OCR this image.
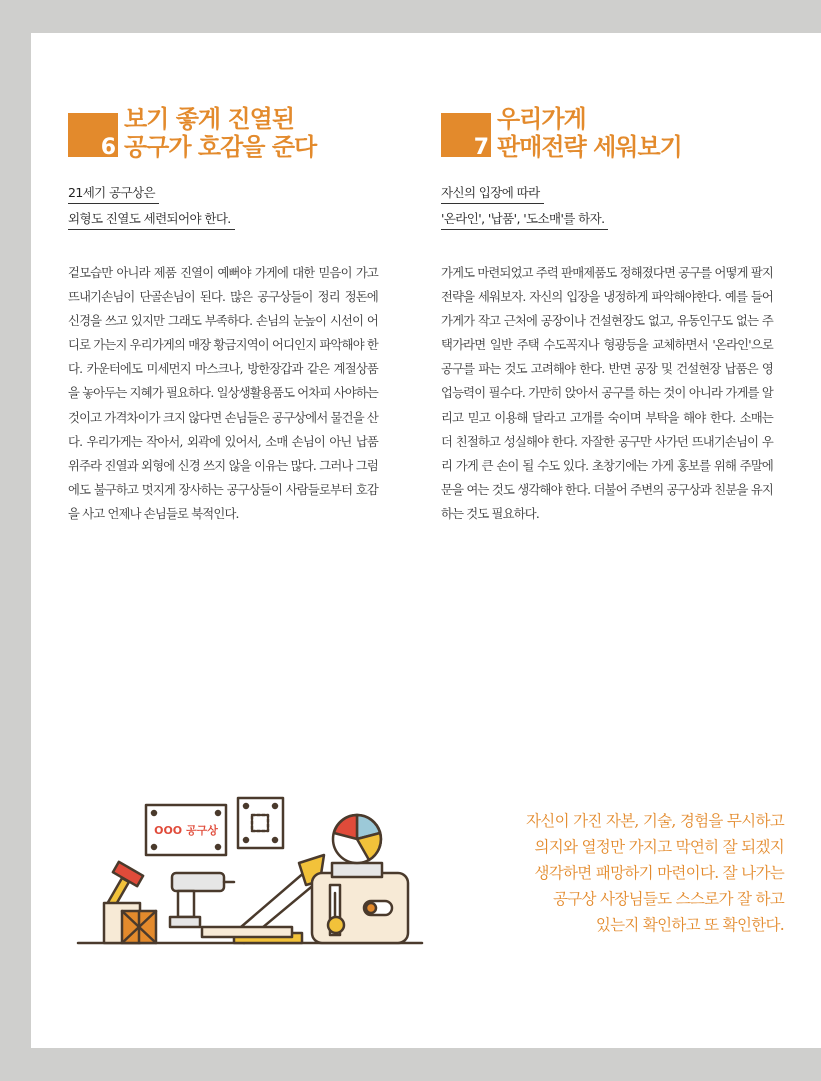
6
보기 좋게 진열된
공구가 호감을 준다
21세기 공구상은
외형도 진열도 세련되어야 한다.
겉모습만 아니라 제품 진열이 예뻐야 가게에 대한 믿음이 가고 뜨내기손님이 단골손님이 된다. 많은 공구상들이 정리 정돈에 신경을 쓰고 있지만 그래도 부족하다. 손님의 눈높이 시선이 어디로 가는지 우리가게의 매장 황금지역이 어디인지 파악해야 한다. 카운터에도 미세먼지 마스크나, 방한장갑과 같은 계절상품을 놓아두는 지혜가 필요하다. 일상생활용품도 어차피 사야하는 것이고 가격차이가 크지 않다면 손님들은 공구상에서 물건을 산다. 우리가게는 작아서, 외곽에 있어서, 소매 손님이 아닌 납품위주라 진열과 외형에 신경 쓰지 않을 이유는 많다. 그러나 그럼에도 불구하고 멋지게 장사하는 공구상들이 사람들로부터 호감을 사고 언제나 손님들로 북적인다.
7
우리가게
판매전략 세워보기
자신의 입장에 따라
'온라인', '납품', '도소매'를 하자.
가게도 마련되었고 주력 판매제품도 정해졌다면 공구를 어떻게 팔지 전략을 세워보자. 자신의 입장을 냉정하게 파악해야한다. 예를 들어 가게가 작고 근처에 공장이나 건설현장도 없고, 유동인구도 없는 주택가라면 일반 주택 수도꼭지나 형광등을 교체하면서 '온라인'으로 공구를 파는 것도 고려해야 한다. 반면 공장 및 건설현장 납품은 영업능력이 필수다. 가만히 앉아서 공구를 하는 것이 아니라 가게를 알리고 믿고 이용해 달라고 고개를 숙이며 부탁을 해야 한다. 소매는 더 친절하고 성실해야 한다. 자잘한 공구만 사가던 뜨내기손님이 우리 가게 큰 손이 될 수도 있다. 초창기에는 가게 홍보를 위해 주말에 문을 여는 것도 생각해야 한다. 더불어 주변의 공구상과 친분을 유지하는 것도 필요하다.
자신이 가진 자본, 기술, 경험을 무시하고
의지와 열정만 가지고 막연히 잘 되겠지
생각하면 패망하기 마련이다. 잘 나가는
공구상 사장님들도 스스로가 잘 하고
있는지 확인하고 또 확인한다.
OOO 공구상
